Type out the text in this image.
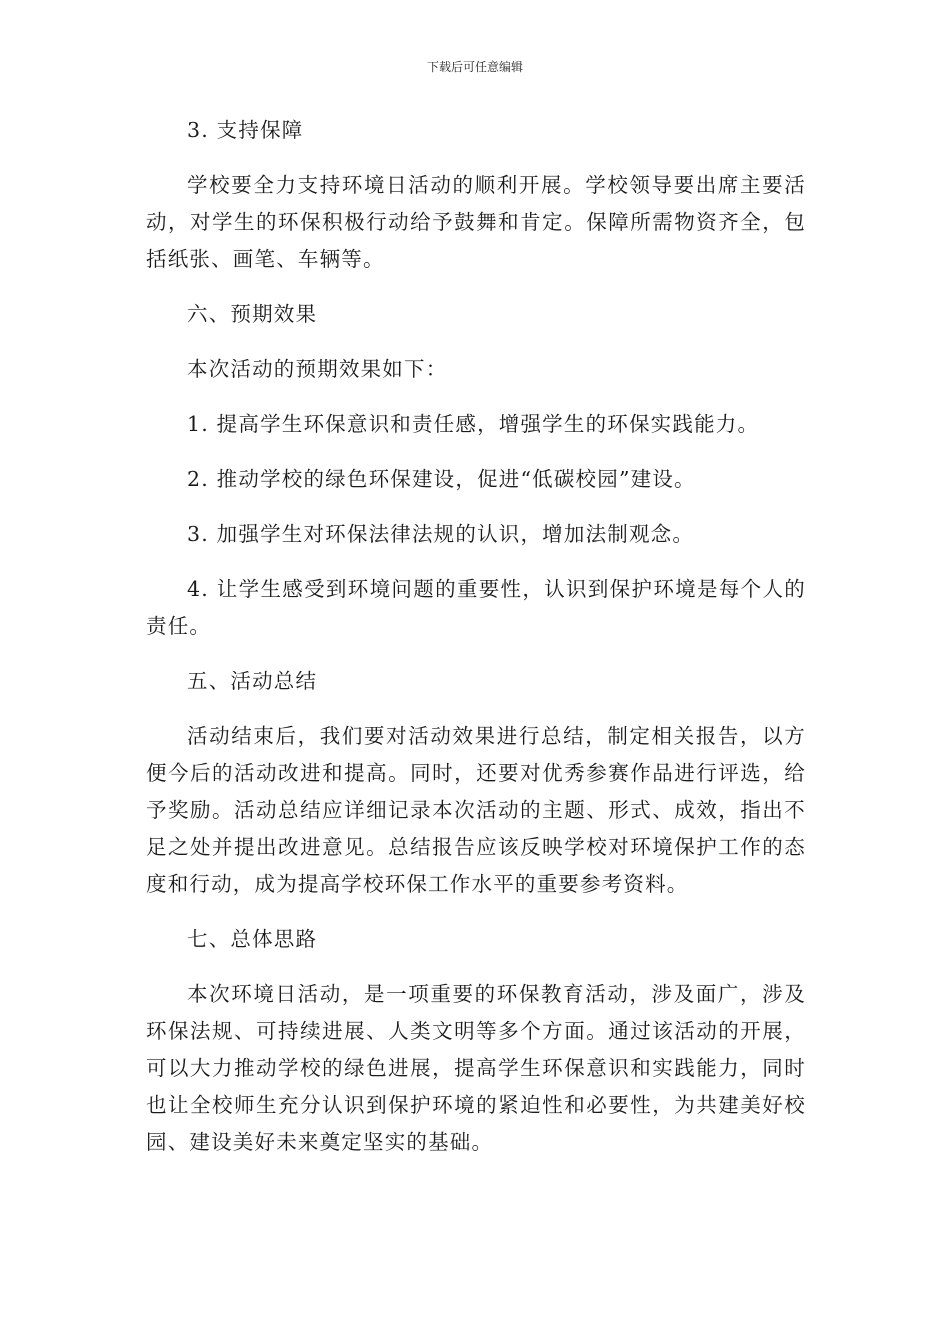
下载后可任意编辑

3. 支持保障

学校要全力支持环境日活动的顺利开展。学校领导要出席主要活动，对学生的环保积极行动给予鼓舞和肯定。保障所需物资齐全，包括纸张、画笔、车辆等。

六、预期效果

本次活动的预期效果如下：

1. 提高学生环保意识和责任感，增强学生的环保实践能力。

2. 推动学校的绿色环保建设，促进“低碳校园”建设。

3. 加强学生对环保法律法规的认识，增加法制观念。

4. 让学生感受到环境问题的重要性，认识到保护环境是每个人的责任。

五、活动总结

活动结束后，我们要对活动效果进行总结，制定相关报告，以方便今后的活动改进和提高。同时，还要对优秀参赛作品进行评选，给予奖励。活动总结应详细记录本次活动的主题、形式、成效，指出不足之处并提出改进意见。总结报告应该反映学校对环境保护工作的态度和行动，成为提高学校环保工作水平的重要参考资料。

七、总体思路

本次环境日活动，是一项重要的环保教育活动，涉及面广，涉及环保法规、可持续进展、人类文明等多个方面。通过该活动的开展，可以大力推动学校的绿色进展，提高学生环保意识和实践能力，同时也让全校师生充分认识到保护环境的紧迫性和必要性，为共建美好校园、建设美好未来奠定坚实的基础。
